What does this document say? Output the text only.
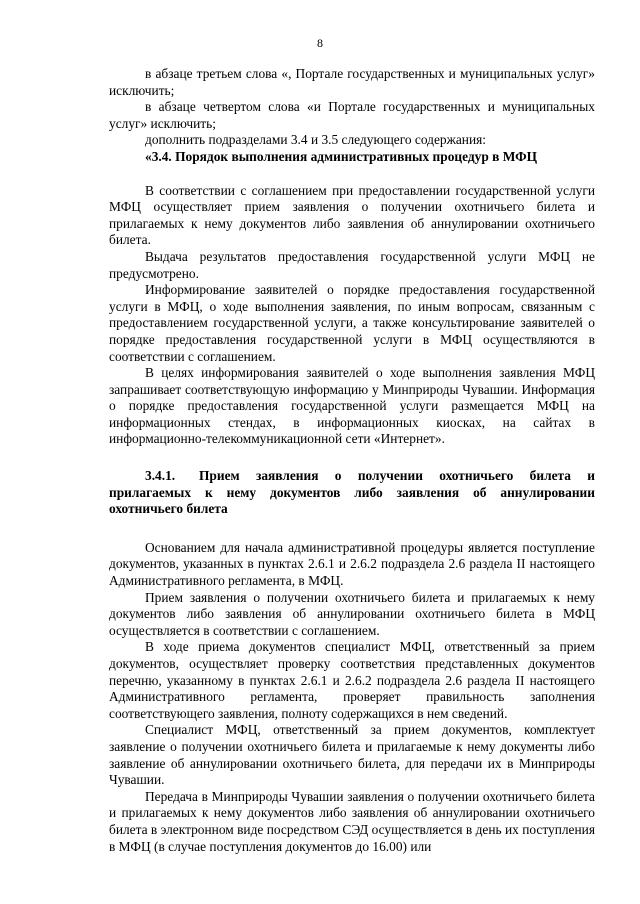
8

в абзаце третьем слова «, Портале государственных и муниципальных услуг» исключить;

в абзаце четвертом слова «и Портале государственных и муниципальных услуг» исключить;

дополнить подразделами 3.4 и 3.5 следующего содержания:

«3.4. Порядок выполнения административных процедур в МФЦ

В соответствии с соглашением при предоставлении государственной услуги МФЦ осуществляет прием заявления о получении охотничьего билета и прилагаемых к нему документов либо заявления об аннулировании охотничьего билета.

Выдача результатов предоставления государственной услуги МФЦ не предусмотрено.

Информирование заявителей о порядке предоставления государственной услуги в МФЦ, о ходе выполнения заявления, по иным вопросам, связанным с предоставлением государственной услуги, а также консультирование заявителей о порядке предоставления государственной услуги в МФЦ осуществляются в соответствии с соглашением.

В целях информирования заявителей о ходе выполнения заявления МФЦ запрашивает соответствующую информацию у Минприроды Чувашии. Информация о порядке предоставления государственной услуги размещается МФЦ на информационных стендах, в информационных киосках, на сайтах в информационно-телекоммуникационной сети «Интернет».

3.4.1.	Прием заявления о получении охотничьего билета и

прилагаемых к нему документов либо заявления об аннулировании охотничьего билета

Основанием для начала административной процедуры является поступление документов, указанных в пунктах 2.6.1 и 2.6.2 подраздела 2.6 раздела II настоящего Административного регламента, в МФЦ.

Прием заявления о получении охотничьего билета и прилагаемых к нему документов либо заявления об аннулировании охотничьего билета в МФЦ осуществляется в соответствии с соглашением.

В ходе приема документов специалист МФЦ, ответственный за прием документов, осуществляет проверку соответствия представленных документов перечню, указанному в пунктах 2.6.1 и 2.6.2 подраздела 2.6 раздела II настоящего Административного регламента, проверяет правильность заполнения соответствующего заявления, полноту содержащихся в нем сведений.

Специалист МФЦ, ответственный за прием документов, комплектует заявление о получении охотничьего билета и прилагаемые к нему документы либо заявление об аннулировании охотничьего билета, для передачи их в Минприроды Чувашии.

Передача в Минприроды Чувашии заявления о получении охотничьего билета и прилагаемых к нему документов либо заявления об аннулировании охотничьего билета в электронном виде посредством СЭД осуществляется в день их поступления в МФЦ (в случае поступления документов до 16.00) или
